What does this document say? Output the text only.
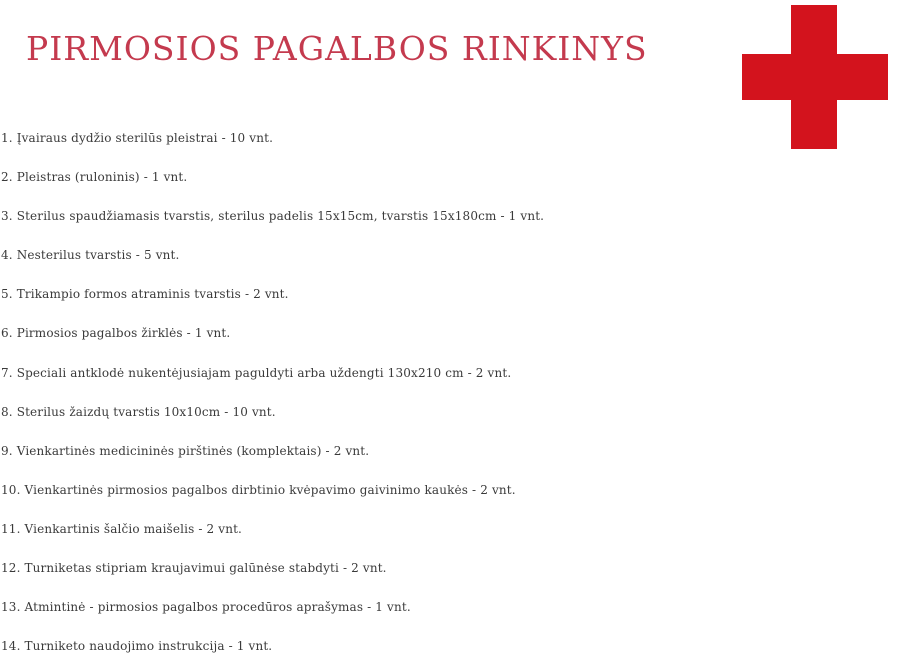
PIRMOSIOS PAGALBOS RINKINYS
1. Įvairaus dydžio sterilūs pleistrai - 10 vnt.
2. Pleistras (ruloninis) - 1 vnt.
3. Sterilus spaudžiamasis tvarstis, sterilus padelis 15x15cm, tvarstis 15x180cm - 1 vnt.
4. Nesterilus tvarstis - 5 vnt.
5. Trikampio formos atraminis tvarstis - 2 vnt.
6. Pirmosios pagalbos žirklės - 1 vnt.
7. Speciali antklodė nukentėjusiajam paguldyti arba uždengti 130x210 cm - 2 vnt.
8. Sterilus žaizdų tvarstis 10x10cm - 10 vnt.
9. Vienkartinės medicininės pirštinės (komplektais) - 2 vnt.
10. Vienkartinės pirmosios pagalbos dirbtinio kvėpavimo gaivinimo kaukės - 2 vnt.
11. Vienkartinis šalčio maišelis - 2 vnt.
12. Turniketas stipriam kraujavimui galūnėse stabdyti - 2 vnt.
13. Atmintinė - pirmosios pagalbos procedūros aprašymas - 1 vnt.
14. Turniketo naudojimo instrukcija - 1 vnt.
